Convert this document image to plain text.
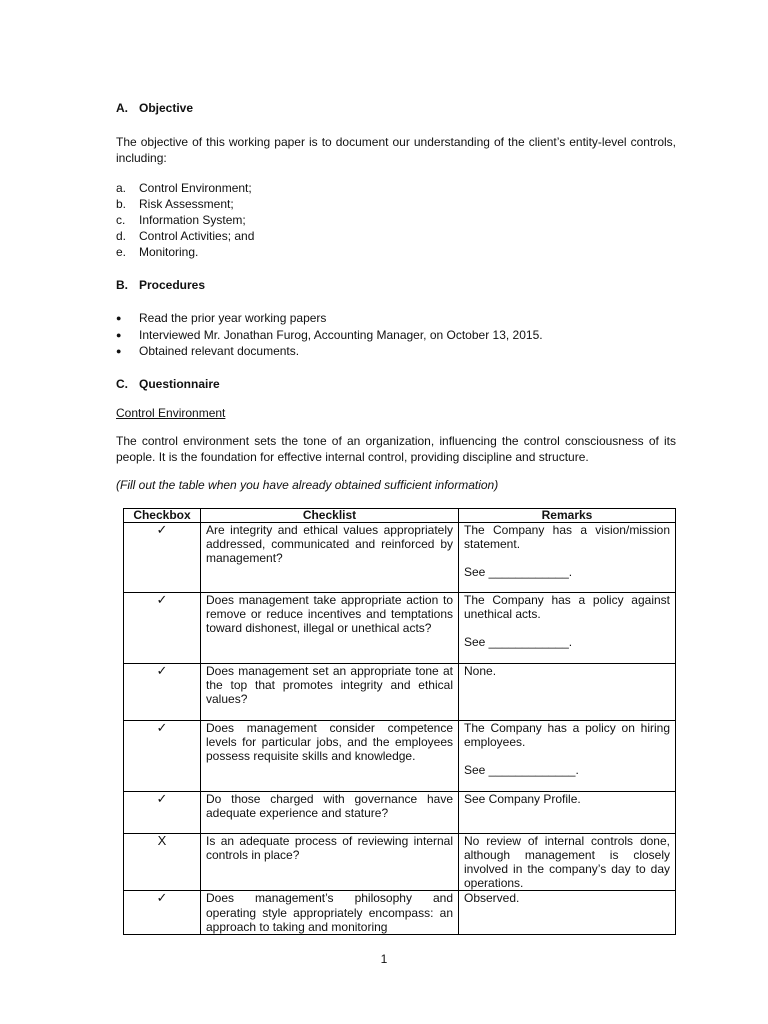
A. Objective

The objective of this working paper is to document our understanding of the client’s entity-level controls, including:

a. Control Environment;
b. Risk Assessment;
c. Information System;
d. Control Activities; and
e. Monitoring.
B. Procedures
● Read the prior year working papers
● Interviewed Mr. Jonathan Furog, Accounting Manager, on October 13, 2015.
● Obtained relevant documents.
C. Questionnaire

Control Environment

The control environment sets the tone of an organization, influencing the control consciousness of its people. It is the foundation for effective internal control, providing discipline and structure.

(Fill out the table when you have already obtained sufficient information)

Checkbox	Checklist	Remarks
✓	Are integrity and ethical values appropriately addressed, communicated and reinforced by management?	The Company has a vision/mission statement.
See ____________.

✓	Does management take appropriate action to remove or reduce incentives and temptations toward dishonest, illegal or unethical acts?	The Company has a policy against unethical acts.
See ____________.

✓	Does management set an appropriate tone at the top that promotes integrity and ethical values?	None.
✓	Does management consider competence levels for particular jobs, and the employees possess requisite skills and knowledge.	The Company has a policy on hiring employees.
See _____________.

✓	Do those charged with governance have adequate experience and stature?	See Company Profile.
X	Is an adequate process of reviewing internal controls in place?	No review of internal controls done, although management is closely involved in the company’s day to day operations.
✓	Does management’s philosophy and operating style appropriately encompass: an approach to taking and monitoring	Observed.
1
